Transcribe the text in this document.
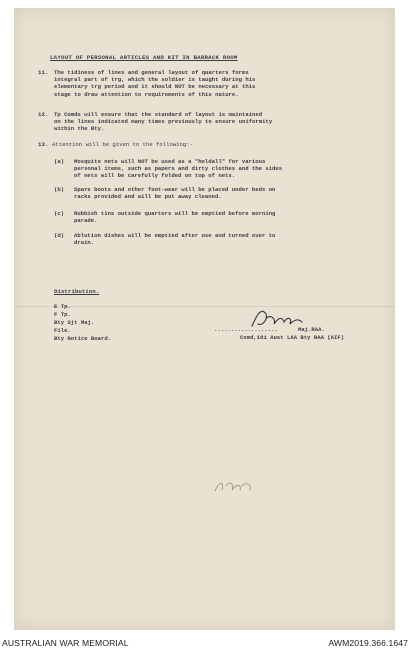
LAYOUT OF PERSONAL ARTICLES AND KIT IN BARRACK ROOM
11. The tidiness of lines and general layout of quarters forms
integral part of trg, which the soldier is taught during his
elementary trg period and it should NOT be necessary at this
stage to draw attention to requirements of this nature.
12. Tp Comds will ensure that the standard of layout is maintained
on the lines indicated many times previously to ensure uniformity
within the Bty.
13. Attention will be given to the following:-
(a) Mosquito nets will NOT be used as a "holdall" for various
personal items, such as papers and dirty clothes and the sides
of nets will be carefully folded on top of nets.
(b) Spare boots and other foot-wear will be placed under beds on
racks provided and will be put away cleaned.
(c) Rubbish tins outside quarters will be emptied before morning
parade.
(d) Ablution dishes will be emptied after use and turned over to
drain.
Distribution.
E Tp.
F Tp.
Bty Sjt Maj.
File.
Bty Notice Board.
...................	Maj.RAA.
Comd,161 Aust LAA Bty RAA (AIF)
AUSTRALIAN WAR MEMORIAL	AWM2019.366.1647
